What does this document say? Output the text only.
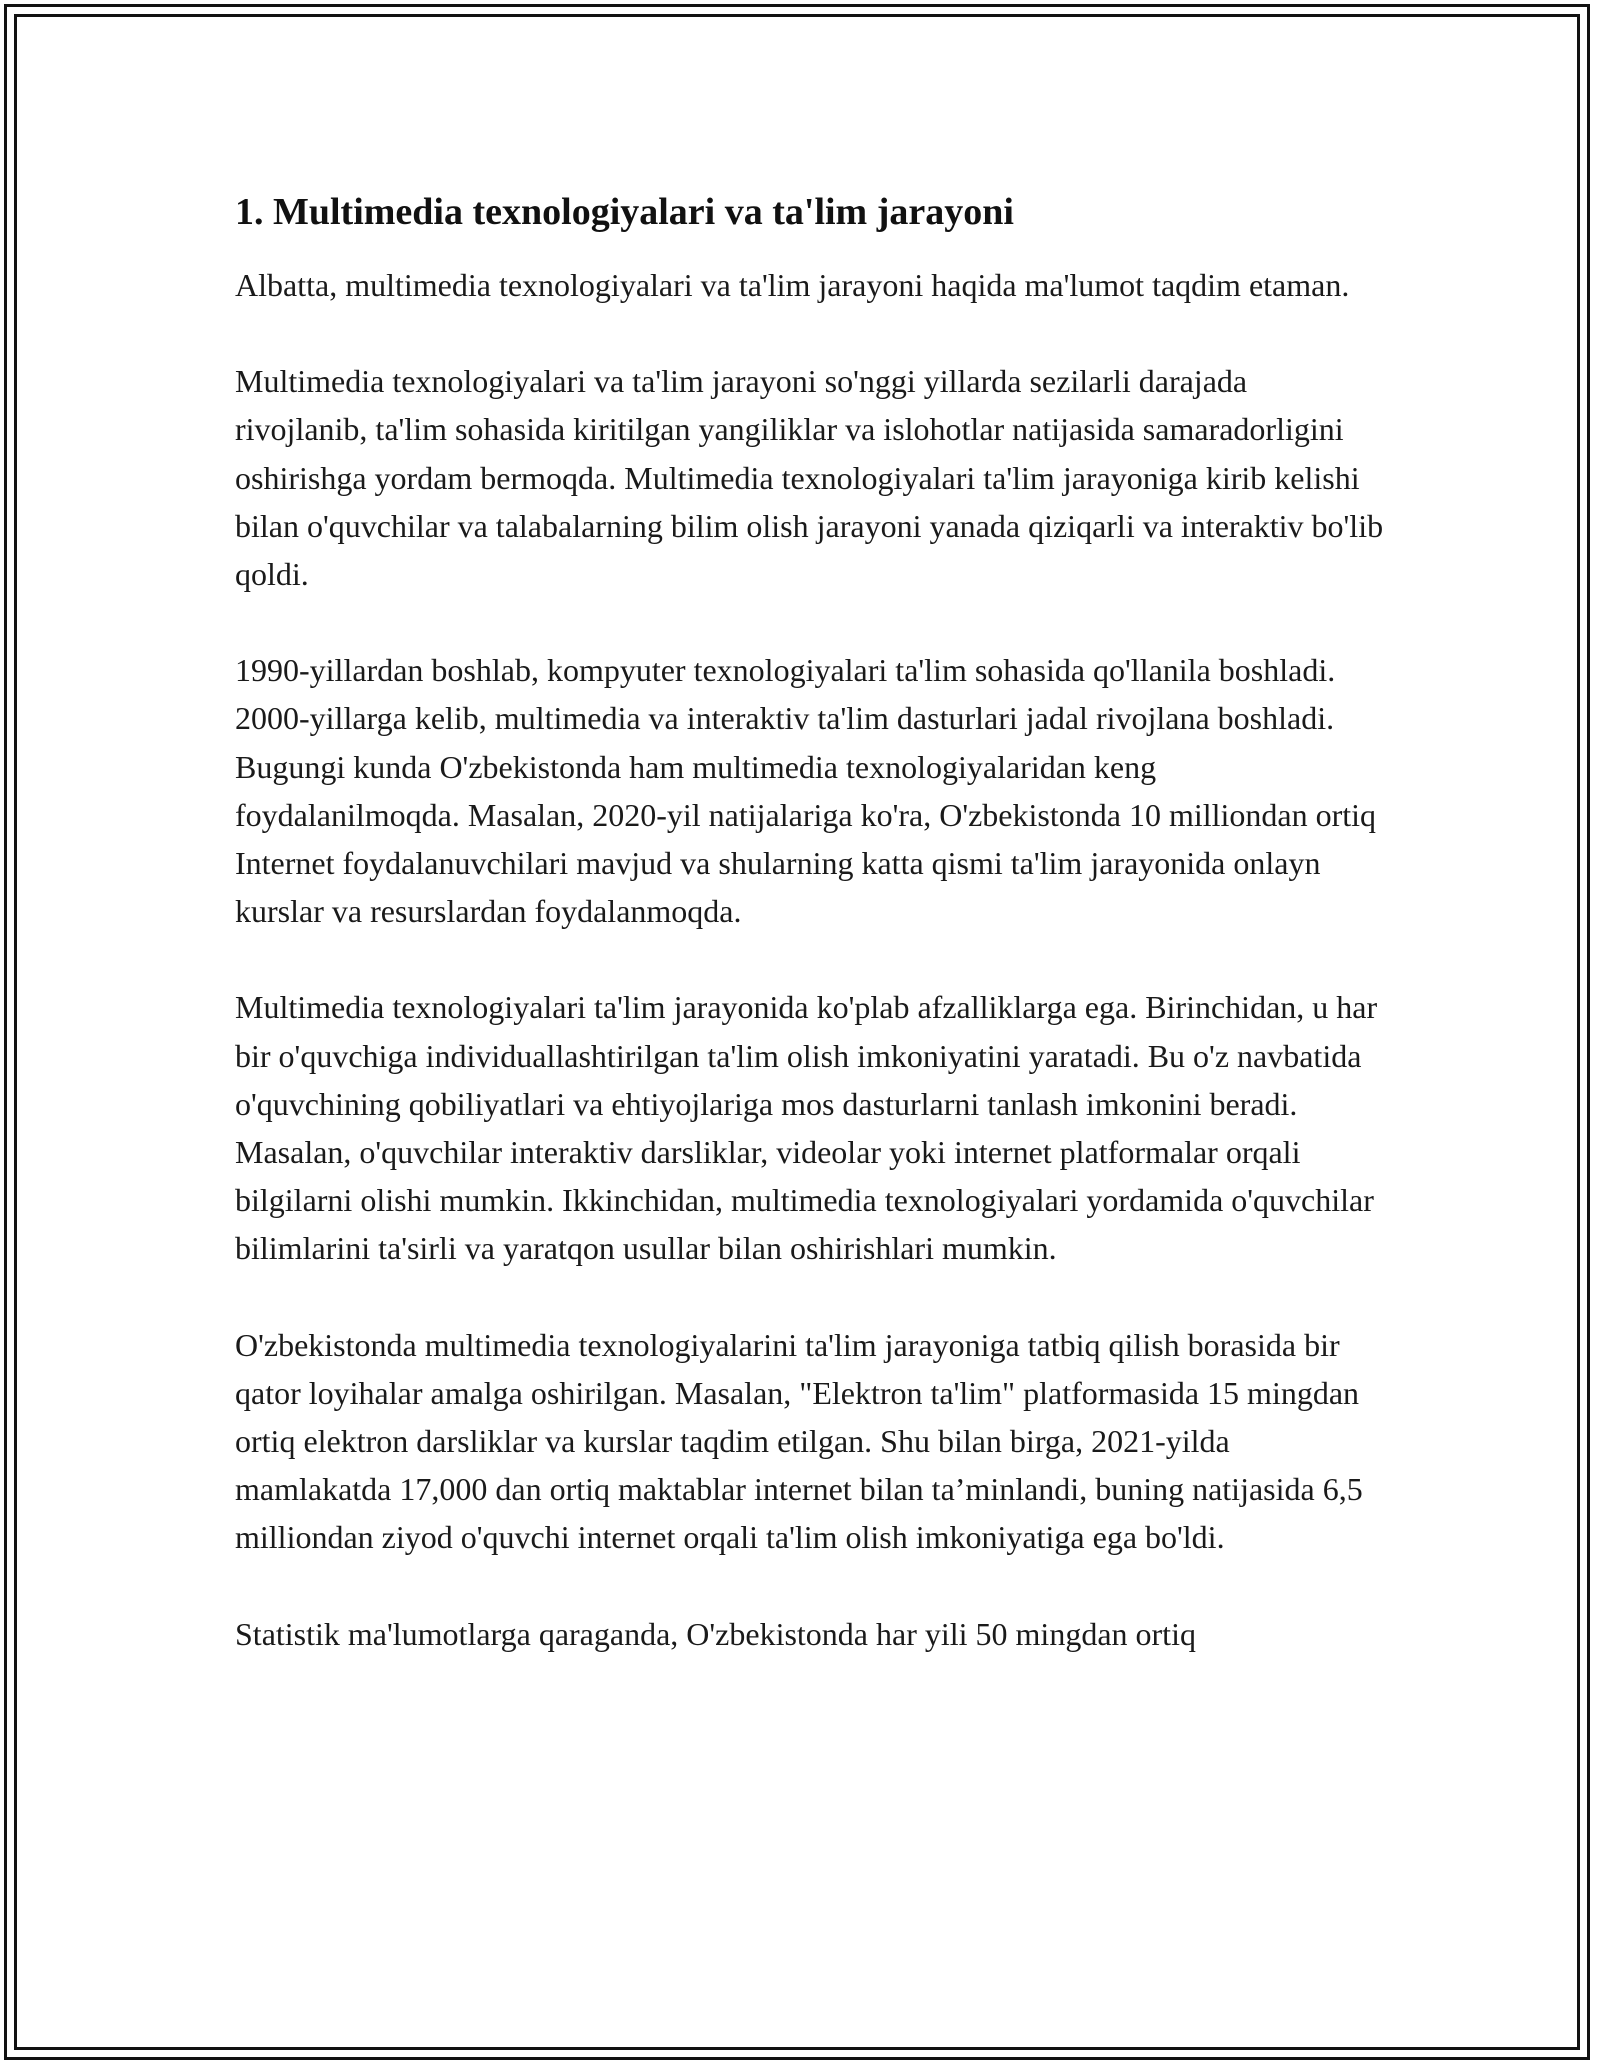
1. Multimedia texnologiyalari va ta'lim jarayoni

Albatta, multimedia texnologiyalari va ta'lim jarayoni haqida ma'lumot taqdim etaman.

Multimedia texnologiyalari va ta'lim jarayoni so'nggi yillarda sezilarli darajada rivojlanib, ta'lim sohasida kiritilgan yangiliklar va islohotlar natijasida samaradorligini oshirishga yordam bermoqda. Multimedia texnologiyalari ta'lim jarayoniga kirib kelishi bilan o'quvchilar va talabalarning bilim olish jarayoni yanada qiziqarli va interaktiv bo'lib qoldi.

1990-yillardan boshlab, kompyuter texnologiyalari ta'lim sohasida qo'llanila boshladi. 2000-yillarga kelib, multimedia va interaktiv ta'lim dasturlari jadal rivojlana boshladi. Bugungi kunda O'zbekistonda ham multimedia texnologiyalaridan keng foydalanilmoqda. Masalan, 2020-yil natijalariga ko'ra, O'zbekistonda 10 milliondan ortiq Internet foydalanuvchilari mavjud va shularning katta qismi ta'lim jarayonida onlayn kurslar va resurslardan foydalanmoqda.

Multimedia texnologiyalari ta'lim jarayonida ko'plab afzalliklarga ega. Birinchidan, u har bir o'quvchiga individuallashtirilgan ta'lim olish imkoniyatini yaratadi. Bu o'z navbatida o'quvchining qobiliyatlari va ehtiyojlariga mos dasturlarni tanlash imkonini beradi. Masalan, o'quvchilar interaktiv darsliklar, videolar yoki internet platformalar orqali bilgilarni olishi mumkin. Ikkinchidan, multimedia texnologiyalari yordamida o'quvchilar bilimlarini ta'sirli va yaratqon usullar bilan oshirishlari mumkin.

O'zbekistonda multimedia texnologiyalarini ta'lim jarayoniga tatbiq qilish borasida bir qator loyihalar amalga oshirilgan. Masalan, "Elektron ta'lim" platformasida 15 mingdan ortiq elektron darsliklar va kurslar taqdim etilgan. Shu bilan birga, 2021-yilda mamlakatda 17,000 dan ortiq maktablar internet bilan ta’minlandi, buning natijasida 6,5 milliondan ziyod o'quvchi internet orqali ta'lim olish imkoniyatiga ega bo'ldi.

Statistik ma'lumotlarga qaraganda, O'zbekistonda har yili 50 mingdan ortiq
